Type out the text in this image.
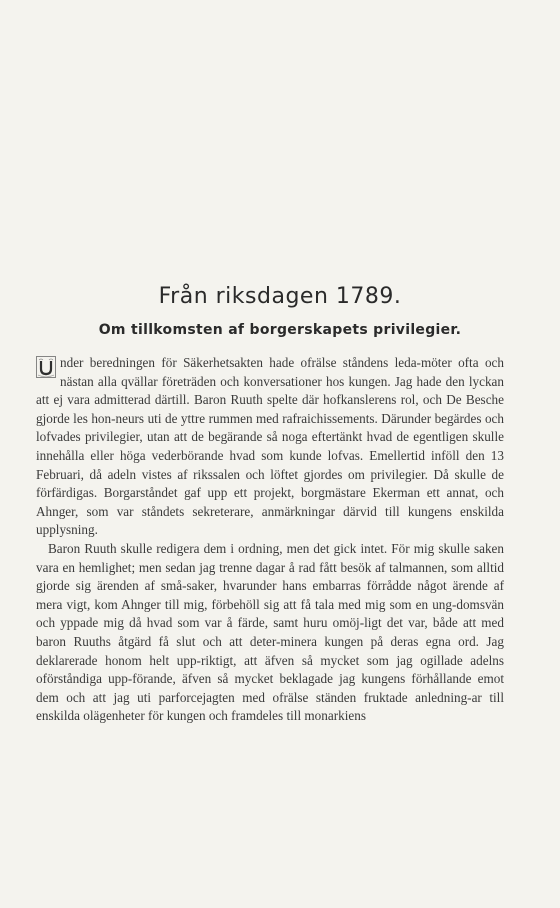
Från riksdagen 1789.
Om tillkomsten af borgerskapets privilegier.

nder beredningen för Säkerhetsakten hade ofrälse ståndens leda-möter ofta och nästan alla qvällar företräden och konversationer hos kungen. Jag hade den lyckan att ej vara admitterad därtill. Baron Ruuth spelte där hofkanslerens rol, och De Besche gjorde les hon-neurs uti de yttre rummen med rafraichissements. Därunder begärdes och lofvades privilegier, utan att de begärande så noga eftertänkt hvad de egentligen skulle innehålla eller höga vederbörande hvad som kunde lofvas. Emellertid inföll den 13 Februari, då adeln vistes af rikssalen och löftet gjordes om privilegier. Då skulle de förfärdigas. Borgarståndet gaf upp ett projekt, borgmästare Ekerman ett annat, och Ahnger, som var ståndets sekreterare, anmärkningar därvid till kungens enskilda upplysning.

Baron Ruuth skulle redigera dem i ordning, men det gick intet. För mig skulle saken vara en hemlighet; men sedan jag trenne dagar å rad fått besök af talmannen, som alltid gjorde sig ärenden af små-saker, hvarunder hans embarras förrådde något ärende af mera vigt, kom Ahnger till mig, förbehöll sig att få tala med mig som en ung-domsvän och yppade mig då hvad som var å färde, samt huru omöj-ligt det var, både att med baron Ruuths åtgärd få slut och att deter-minera kungen på deras egna ord. Jag deklarerade honom helt upp-riktigt, att äfven så mycket som jag ogillade adelns oförståndiga upp-förande, äfven så mycket beklagade jag kungens förhållande emot dem och att jag uti parforcejagten med ofrälse ständen fruktade anledning-ar till enskilda olägenheter för kungen och framdeles till monarkiens
